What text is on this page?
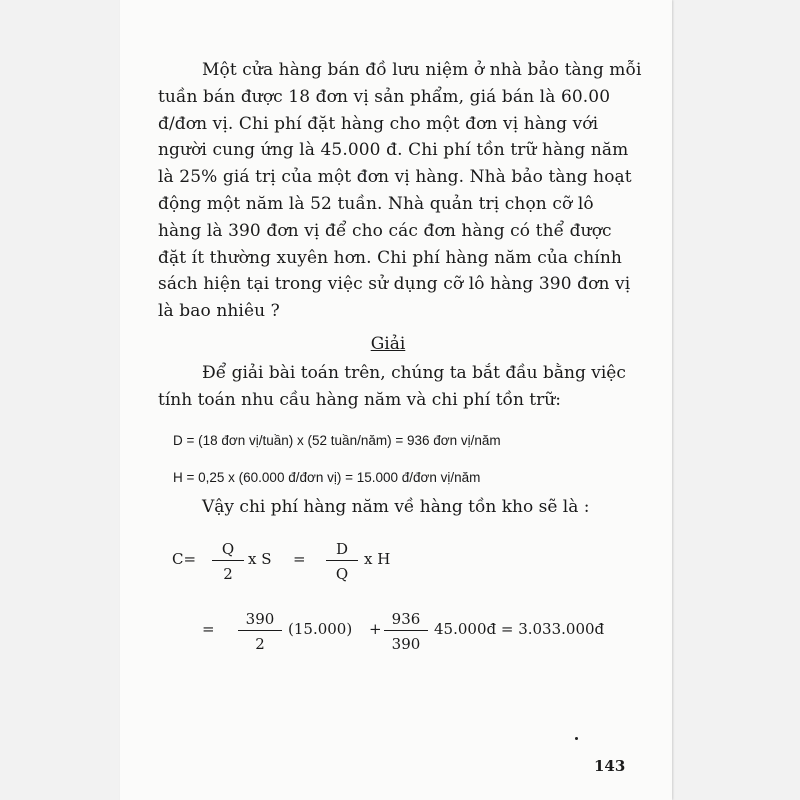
Một cửa hàng bán đồ lưu niệm ở nhà bảo tàng mỗi
tuần bán được 18 đơn vị sản phẩm, giá bán là 60.00
đ/đơn vị. Chi phí đặt hàng cho một đơn vị hàng với
người cung ứng là 45.000 đ. Chi phí tồn trữ hàng năm
là 25% giá trị của một đơn vị hàng. Nhà bảo tàng hoạt
động một năm là 52 tuần. Nhà quản trị chọn cỡ lô
hàng là 390 đơn vị để cho các đơn hàng có thể được
đặt ít thường xuyên hơn. Chi phí hàng năm của chính
sách hiện tại trong việc sử dụng cỡ lô hàng 390 đơn vị
là bao nhiêu ?
Giải
Để giải bài toán trên, chúng ta bắt đầu bằng việc
tính toán nhu cầu hàng năm và chi phí tồn trữ:
D = (18 đơn vị/tuần) x (52 tuần/năm) = 936 đơn vị/năm
H = 0,25 x (60.000 đ/đơn vị) = 15.000 đ/đơn vị/năm
Vậy chi phí hàng năm về hàng tồn kho sẽ là :
$C= \frac{Q}{2}$ x $S = \frac{D}{Q}$ x H
= $\frac{390}{2} (15.000) + \frac{936}{390}$ 45.000đ = 3.033.000đ
143
